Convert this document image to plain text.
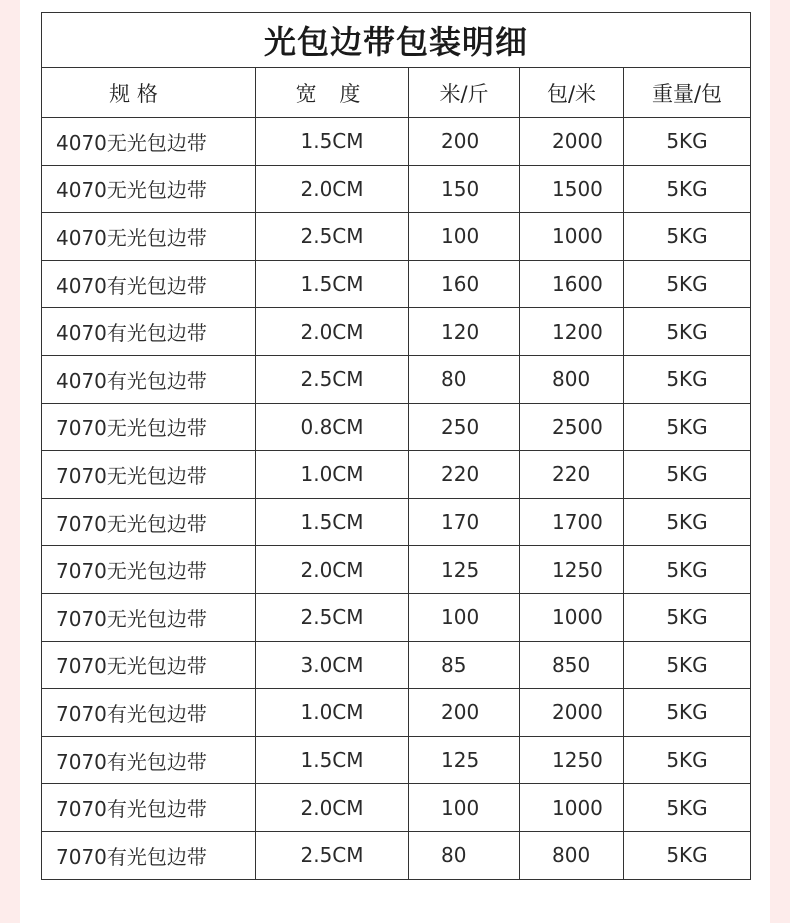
光包边带包装明细				
规 格	宽 度	米/斤	包/米	重量/包
4070无光包边带	1.5CM	200	2000	5KG
4070无光包边带	2.0CM	150	1500	5KG
4070无光包边带	2.5CM	100	1000	5KG
4070有光包边带	1.5CM	160	1600	5KG
4070有光包边带	2.0CM	120	1200	5KG
4070有光包边带	2.5CM	80	800	5KG
7070无光包边带	0.8CM	250	2500	5KG
7070无光包边带	1.0CM	220	220	5KG
7070无光包边带	1.5CM	170	1700	5KG
7070无光包边带	2.0CM	125	1250	5KG
7070无光包边带	2.5CM	100	1000	5KG
7070无光包边带	3.0CM	85	850	5KG
7070有光包边带	1.0CM	200	2000	5KG
7070有光包边带	1.5CM	125	1250	5KG
7070有光包边带	2.0CM	100	1000	5KG
7070有光包边带	2.5CM	80	800	5KG
